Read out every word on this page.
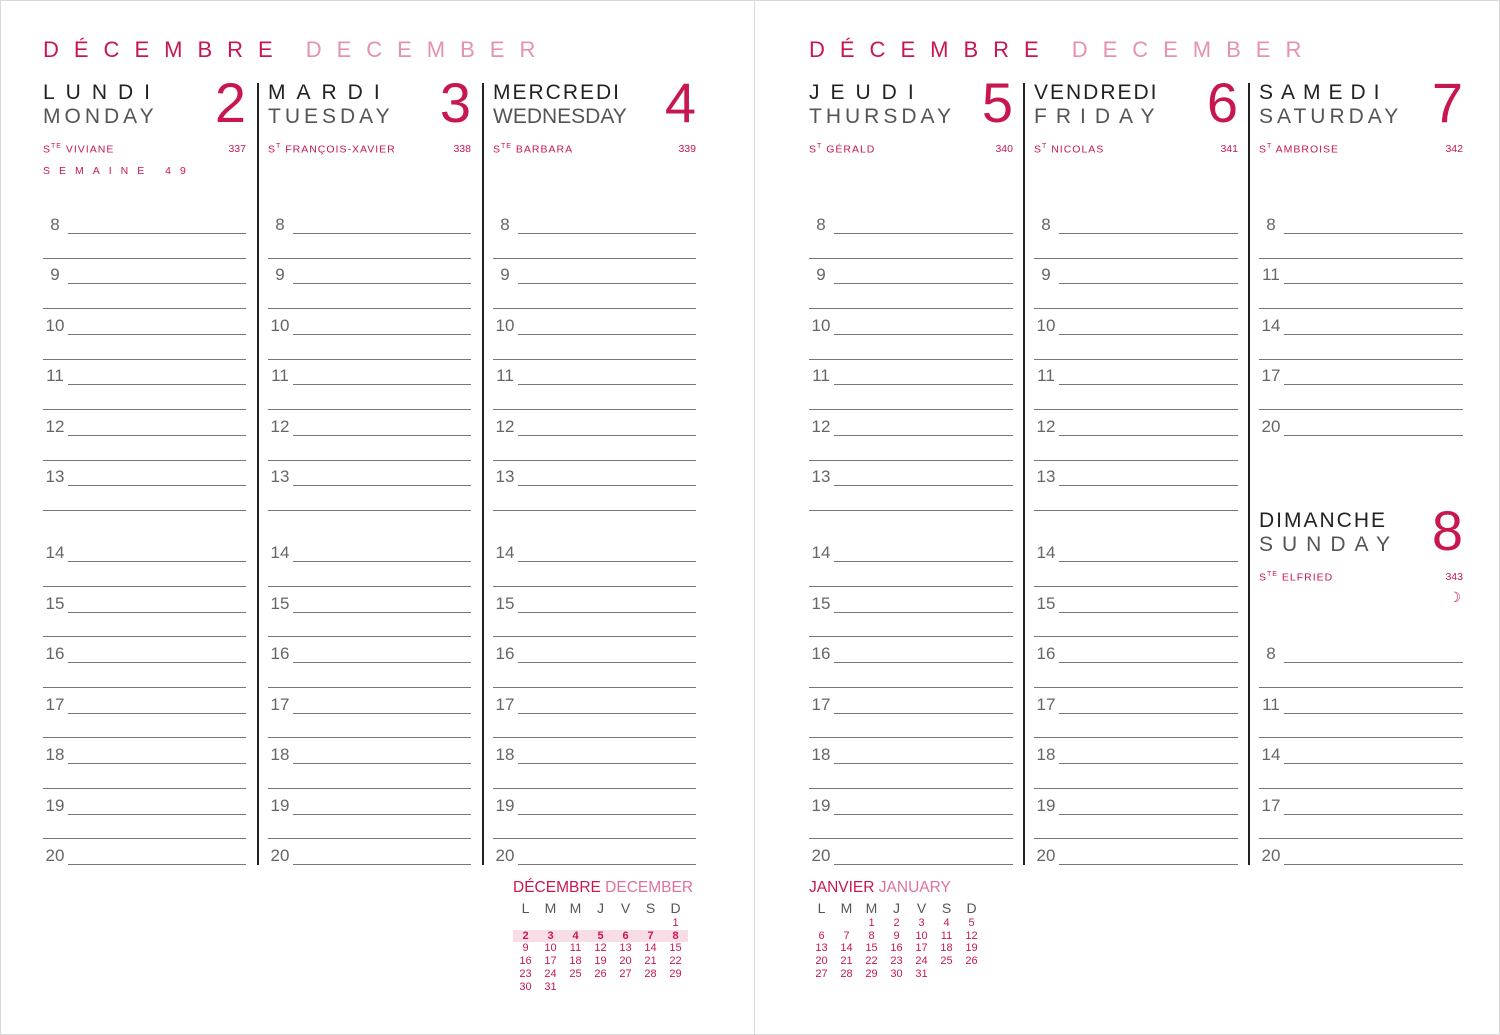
DÉCEMBRE DECEMBER
LUNDI
MONDAY 2
$S^{TE}$ VIVIANE	337
SEMAINE 49
MARDI
TUESDAY 3
$S^T$ FRANÇOIS-XAVIER	338
MERCREDI
WEDNESDAY 4
$S^{TE}$ BARBARA	339
8
9
10
11
12
13
14
15
16
17
18
19
20
8
9
10
11
12
13
14
15
16
17
18
19
20
8
9
10
11
12
13
14
15
16
17
18
19
20
DÉCEMBRE DECEMBER
L	M	M	J	V	S	D
						1
2	3	4	5	6	7	8
9	10	11	12	13	14	15
16	17	18	19	20	21	22
23	24	25	26	27	28	29
30	31					
DÉCEMBRE DECEMBER
JEUDI
THURSDAY 5
$S^T$ GÉRALD	340
VENDREDI
FRIDAY 6
$S^T$ NICOLAS	341
SAMEDI
SATURDAY 7
$S^T$ AMBROISE	342
DIMANCHE
SUNDAY 8
$S^{TE}$ ELFRIED	343
☽
8
9
10
11
12
13
14
15
16
17
18
19
20
8
9
10
11
12
13
14
15
16
17
18
19
20
8
11
14
17
20
8
11
14
17
20
JANVIER JANUARY
L	M	M	J	V	S	D
		1	2	3	4	5
6	7	8	9	10	11	12
13	14	15	16	17	18	19
20	21	22	23	24	25	26
27	28	29	30	31		
